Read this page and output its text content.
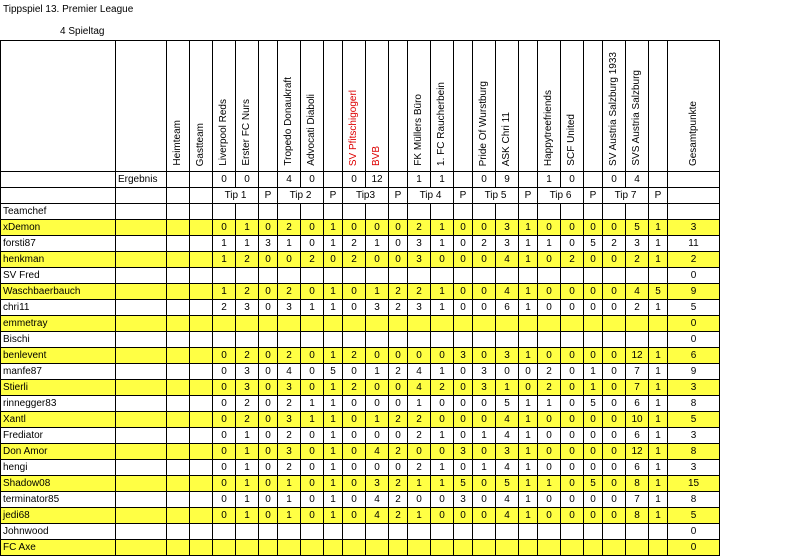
Tippspiel 13. Premier League
4 Spieltag
		Heimteam	Gastteam	Liverpool Reds	Erster FC Nurs		Tropedo Donaukraft	Advocati Diaboli		SV Pfitschigogerl	BVB		FK Müllers Büro	1. FC Raucherbein		Pride Of Wurstburg	ASK Chri 11		Happytreefriends	SCF United		SV Austria Salzburg 1933	SVS Austria Salzburg		Gesamtpunkte
	Ergebnis			0	0		4	0		0	12		1	1		0	9		1	0		0	4		
				Tip 1		P	Tip 2		P	Tip3		P	Tip 4		P	Tip 5		P	Tip 6		P	Tip 7		P	
Teamchef																									
xDemon				0	1	0	2	0	1	0	0	0	2	1	0	0	3	1	0	0	0	0	5	1	3
forsti87				1	1	3	1	0	1	2	1	0	3	1	0	2	3	1	1	0	5	2	3	1	11
henkman				1	2	0	0	2	0	2	0	0	3	0	0	0	4	1	0	2	0	0	2	1	2
SV Fred																									0
Waschbaerbauch				1	2	0	2	0	1	0	1	2	2	1	0	0	4	1	0	0	0	0	4	5	9
chri11				2	3	0	3	1	1	0	3	2	3	1	0	0	6	1	0	0	0	0	2	1	5
emmetray																									0
Bischi																									0
benlevent				0	2	0	2	0	1	2	0	0	0	0	3	0	3	1	0	0	0	0	12	1	6
manfe87				0	3	0	4	0	5	0	1	2	4	1	0	3	0	0	2	0	1	0	7	1	9
Stierli				0	3	0	3	0	1	2	0	0	4	2	0	3	1	0	2	0	1	0	7	1	3
rinnegger83				0	2	0	2	1	1	0	0	0	1	0	0	0	5	1	1	0	5	0	6	1	8
Xantl				0	2	0	3	1	1	0	1	2	2	0	0	0	4	1	0	0	0	0	10	1	5
Frediator				0	1	0	2	0	1	0	0	0	2	1	0	1	4	1	0	0	0	0	6	1	3
Don Amor				0	1	0	3	0	1	0	4	2	0	0	3	0	3	1	0	0	0	0	12	1	8
hengi				0	1	0	2	0	1	0	0	0	2	1	0	1	4	1	0	0	0	0	6	1	3
Shadow08				0	1	0	1	0	1	0	3	2	1	1	5	0	5	1	1	0	5	0	8	1	15
terminator85				0	1	0	1	0	1	0	4	2	0	0	3	0	4	1	0	0	0	0	7	1	8
jedi68				0	1	0	1	0	1	0	4	2	1	0	0	0	4	1	0	0	0	0	8	1	5
Johnwood																									0
FC Axe																									0
